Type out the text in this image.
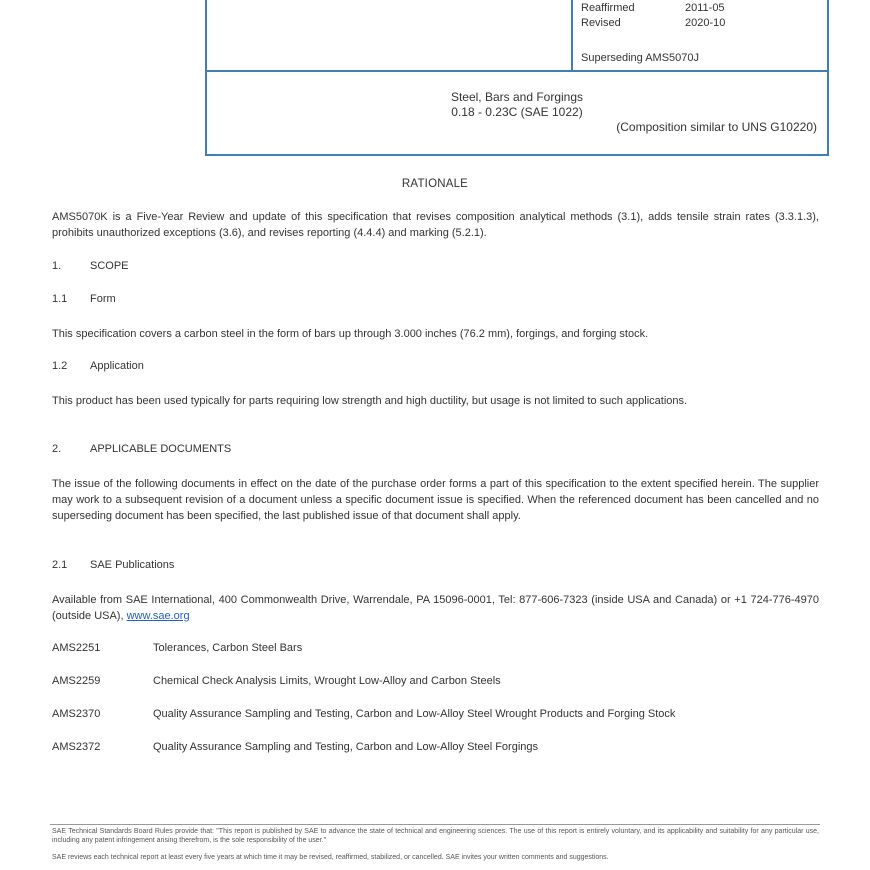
Reaffirmed	2011-05
Revised	2020-10
Superseding AMS5070J
Steel, Bars and Forgings
0.18 - 0.23C (SAE 1022)
(Composition similar to UNS G10220)
RATIONALE
AMS5070K is a Five-Year Review and update of this specification that revises composition analytical methods (3.1), adds tensile strain rates (3.3.1.3), prohibits unauthorized exceptions (3.6), and revises reporting (4.4.4) and marking (5.2.1).
1.	SCOPE
1.1 Form
This specification covers a carbon steel in the form of bars up through 3.000 inches (76.2 mm), forgings, and forging stock.
1.2 Application
This product has been used typically for parts requiring low strength and high ductility, but usage is not limited to such applications.
2.	APPLICABLE DOCUMENTS
The issue of the following documents in effect on the date of the purchase order forms a part of this specification to the extent specified herein. The supplier may work to a subsequent revision of a document unless a specific document issue is specified. When the referenced document has been cancelled and no superseding document has been specified, the last published issue of that document shall apply.
2.1 SAE Publications
Available from SAE International, 400 Commonwealth Drive, Warrendale, PA 15096-0001, Tel: 877-606-7323 (inside USA and Canada) or +1 724-776-4970 (outside USA), www.sae.org
AMS2251	Tolerances, Carbon Steel Bars
AMS2259	Chemical Check Analysis Limits, Wrought Low-Alloy and Carbon Steels
AMS2370	Quality Assurance Sampling and Testing, Carbon and Low-Alloy Steel Wrought Products and Forging Stock
AMS2372	Quality Assurance Sampling and Testing, Carbon and Low-Alloy Steel Forgings
SAE Technical Standards Board Rules provide that: "This report is published by SAE to advance the state of technical and engineering sciences. The use of this report is entirely voluntary, and its applicability and suitability for any particular use, including any patent infringement arising therefrom, is the sole responsibility of the user."
SAE reviews each technical report at least every five years at which time it may be revised, reaffirmed, stabilized, or cancelled. SAE invites your written comments and suggestions.
